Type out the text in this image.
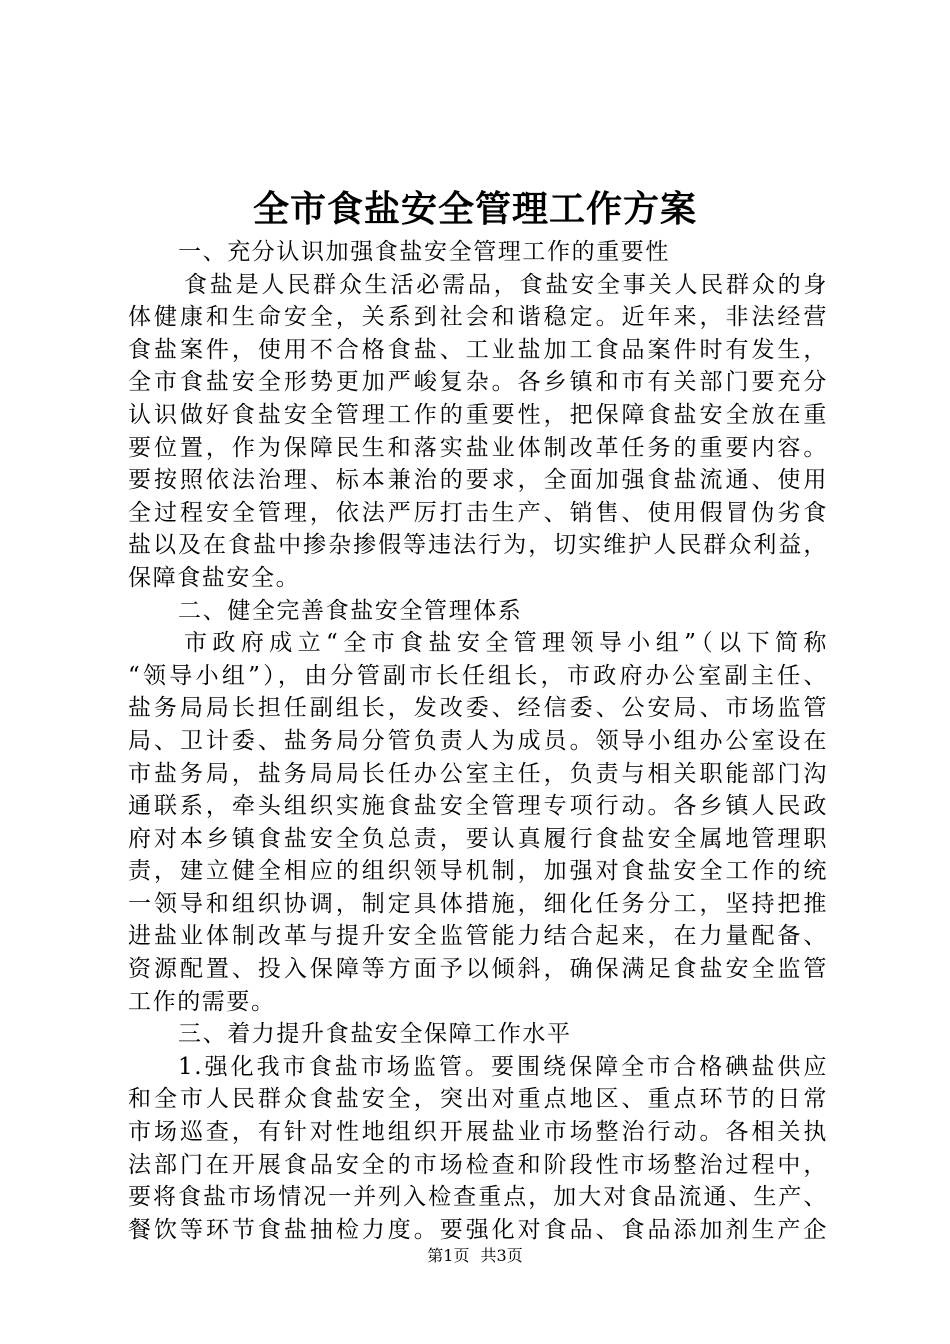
全市食盐安全管理工作方案
一、充分认识加强食盐安全管理工作的重要性
食盐是人民群众生活必需品，食盐安全事关人民群众的身
体健康和生命安全，关系到社会和谐稳定。近年来，非法经营
食盐案件，使用不合格食盐、工业盐加工食品案件时有发生，
全市食盐安全形势更加严峻复杂。各乡镇和市有关部门要充分
认识做好食盐安全管理工作的重要性，把保障食盐安全放在重
要位置，作为保障民生和落实盐业体制改革任务的重要内容。
要按照依法治理、标本兼治的要求，全面加强食盐流通、使用
全过程安全管理，依法严厉打击生产、销售、使用假冒伪劣食
盐以及在食盐中掺杂掺假等违法行为，切实维护人民群众利益，
保障食盐安全。
二、健全完善食盐安全管理体系
市政府成立“全市食盐安全管理领导小组”（以下简称
“领导小组”），由分管副市长任组长，市政府办公室副主任、
盐务局局长担任副组长，发改委、经信委、公安局、市场监管
局、卫计委、盐务局分管负责人为成员。领导小组办公室设在
市盐务局，盐务局局长任办公室主任，负责与相关职能部门沟
通联系，牵头组织实施食盐安全管理专项行动。各乡镇人民政
府对本乡镇食盐安全负总责，要认真履行食盐安全属地管理职
责，建立健全相应的组织领导机制，加强对食盐安全工作的统
一领导和组织协调，制定具体措施，细化任务分工，坚持把推
进盐业体制改革与提升安全监管能力结合起来，在力量配备、
资源配置、投入保障等方面予以倾斜，确保满足食盐安全监管
工作的需要。
三、着力提升食盐安全保障工作水平
1.强化我市食盐市场监管。要围绕保障全市合格碘盐供应
和全市人民群众食盐安全，突出对重点地区、重点环节的日常
市场巡查，有针对性地组织开展盐业市场整治行动。各相关执
法部门在开展食品安全的市场检查和阶段性市场整治过程中，
要将食盐市场情况一并列入检查重点，加大对食品流通、生产、
餐饮等环节食盐抽检力度。要强化对食品、食品添加剂生产企
第1页 共3页
